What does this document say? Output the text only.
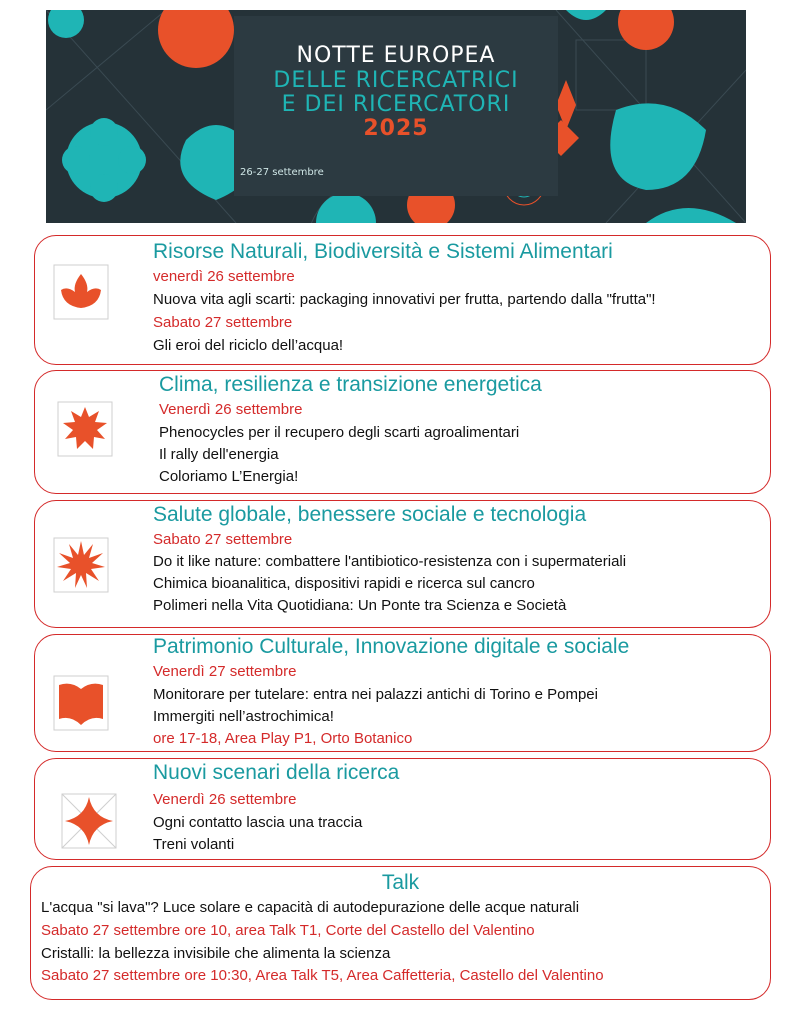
NOTTE EUROPEA
DELLE RICERCATRICI
E DEI RICERCATORI
2025
26-27 settembre
Risorse Naturali, Biodiversità e Sistemi Alimentari
venerdì 26 settembre
Nuova vita agli scarti: packaging innovativi per frutta, partendo dalla "frutta"!
Sabato 27 settembre
Gli eroi del riciclo dell’acqua!
Clima, resilienza e transizione energetica
Venerdì 26 settembre
Phenocycles per il recupero degli scarti agroalimentari
Il rally dell'energia
Coloriamo L’Energia!
Salute globale, benessere sociale e tecnologia
Sabato 27 settembre
Do it like nature: combattere l'antibiotico-resistenza con i supermateriali
Chimica bioanalitica, dispositivi rapidi e ricerca sul cancro
Polimeri nella Vita Quotidiana: Un Ponte tra Scienza e Società
Patrimonio Culturale, Innovazione digitale e sociale
Venerdì 27 settembre
Monitorare per tutelare: entra nei palazzi antichi di Torino e Pompei
Immergiti nell’astrochimica!
ore 17-18, Area Play P1, Orto Botanico
Nuovi scenari della ricerca
Venerdì 26 settembre
Ogni contatto lascia una traccia
Treni volanti
Talk
L'acqua "si lava"? Luce solare e capacità di autodepurazione delle acque naturali
Sabato 27 settembre ore 10, area Talk T1, Corte del Castello del Valentino
Cristalli: la bellezza invisibile che alimenta la scienza
Sabato 27 settembre ore 10:30, Area Talk T5, Area Caffetteria, Castello del Valentino
